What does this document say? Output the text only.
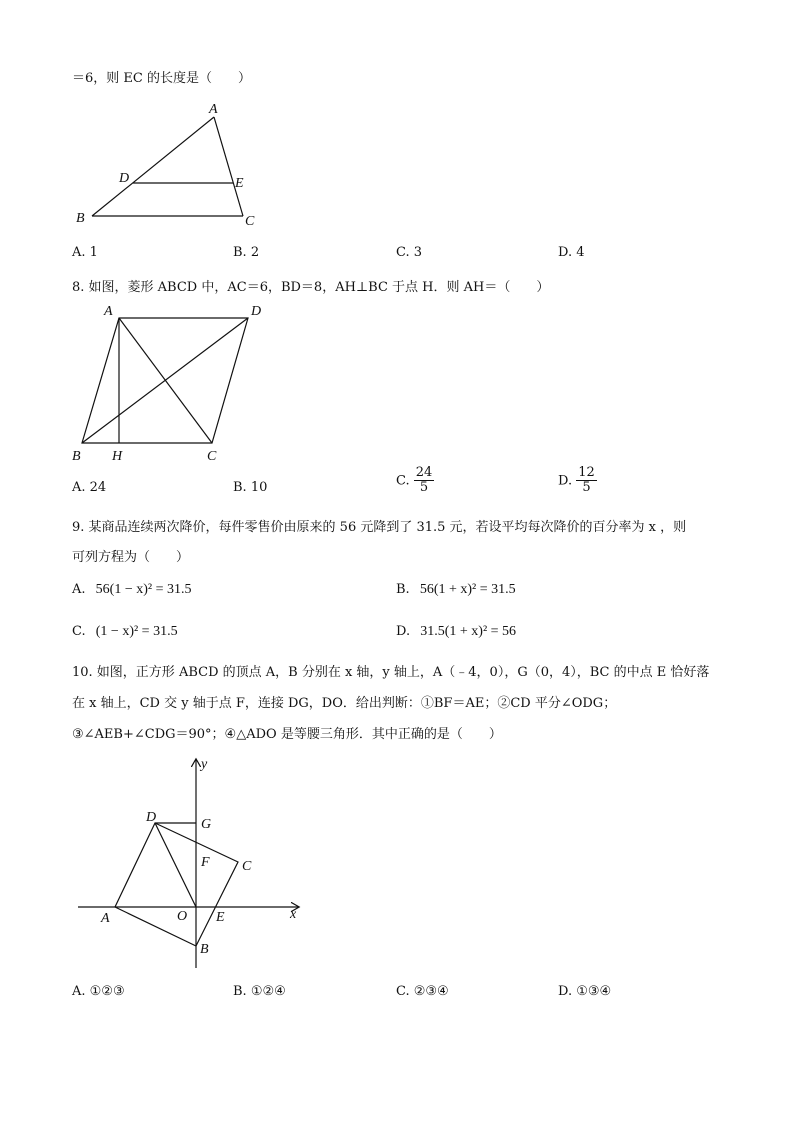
＝6，则 EC 的长度是（　　）
A
D	E
B	C
A. 1	B. 2	C. 3	D. 4
8. 如图，菱形 ABCD 中，AC＝6，BD＝8，AH⊥BC 于点 H．则 AH＝（　　）
A	D
B H	C
A. 24	B. 10	C. $\frac{24}{5}$	D. $\frac{12}{5}$
9. 某商品连续两次降价，每件零售价由原来的 56 元降到了 31.5 元，若设平均每次降价的百分率为 x ，则
可列方程为（　　）
A. 56(1 − x)² = 31.5	B. 56(1 + x)² = 31.5
C. (1 − x)² = 31.5	D. 31.5(1 + x)² = 56
10. 如图，正方形 ABCD 的顶点 A，B 分别在 x 轴，y 轴上，A（﹣4，0），G（0，4），BC 的中点 E 恰好落
在 x 轴上，CD 交 y 轴于点 F，连接 DG，DO．给出判断：①BF＝AE；②CD 平分∠ODG；
③∠AEB+∠CDG＝90°；④△ADO 是等腰三角形．其中正确的是（　　）
y
D	G
F C
A	O E	x
B
A. ①②③	B. ①②④	C. ②③④	D. ①③④
